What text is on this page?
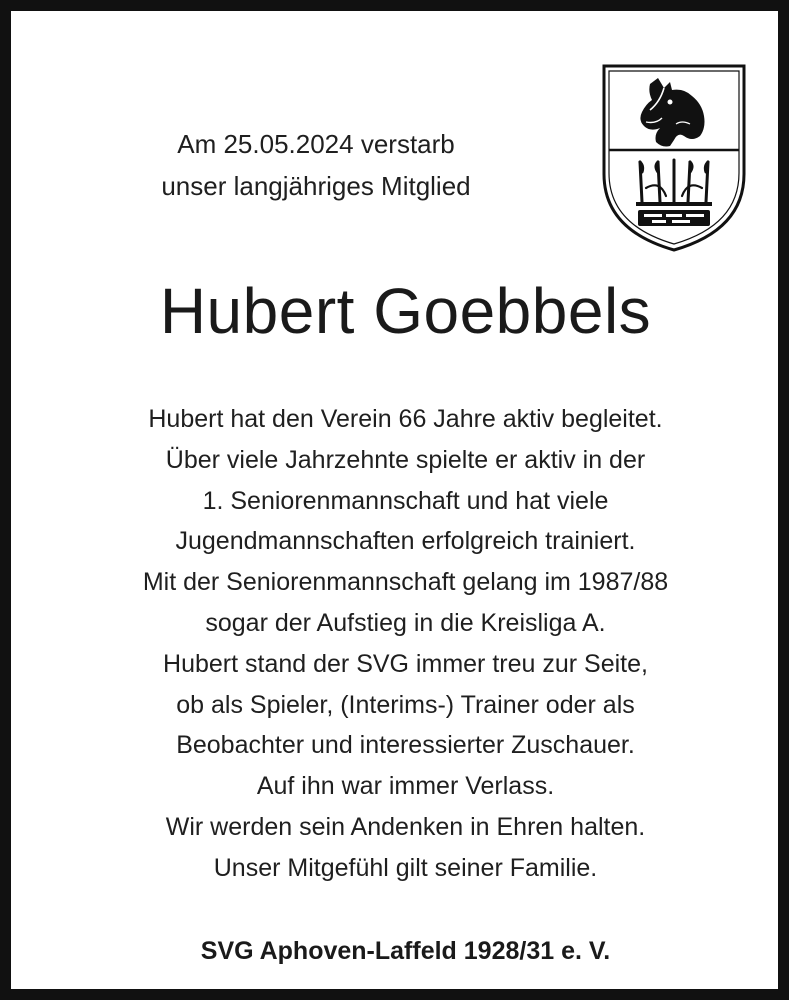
Am 25.05.2024 verstarb
unser langjähriges Mitglied
Hubert Goebbels
Hubert hat den Verein 66 Jahre aktiv begleitet.
Über viele Jahrzehnte spielte er aktiv in der
1. Seniorenmannschaft und hat viele
Jugendmannschaften erfolgreich trainiert.
Mit der Seniorenmannschaft gelang im 1987/88
sogar der Aufstieg in die Kreisliga A.
Hubert stand der SVG immer treu zur Seite,
ob als Spieler, (Interims-) Trainer oder als
Beobachter und interessierter Zuschauer.
Auf ihn war immer Verlass.
Wir werden sein Andenken in Ehren halten.
Unser Mitgefühl gilt seiner Familie.
SVG Aphoven-Laffeld 1928/31 e. V.
